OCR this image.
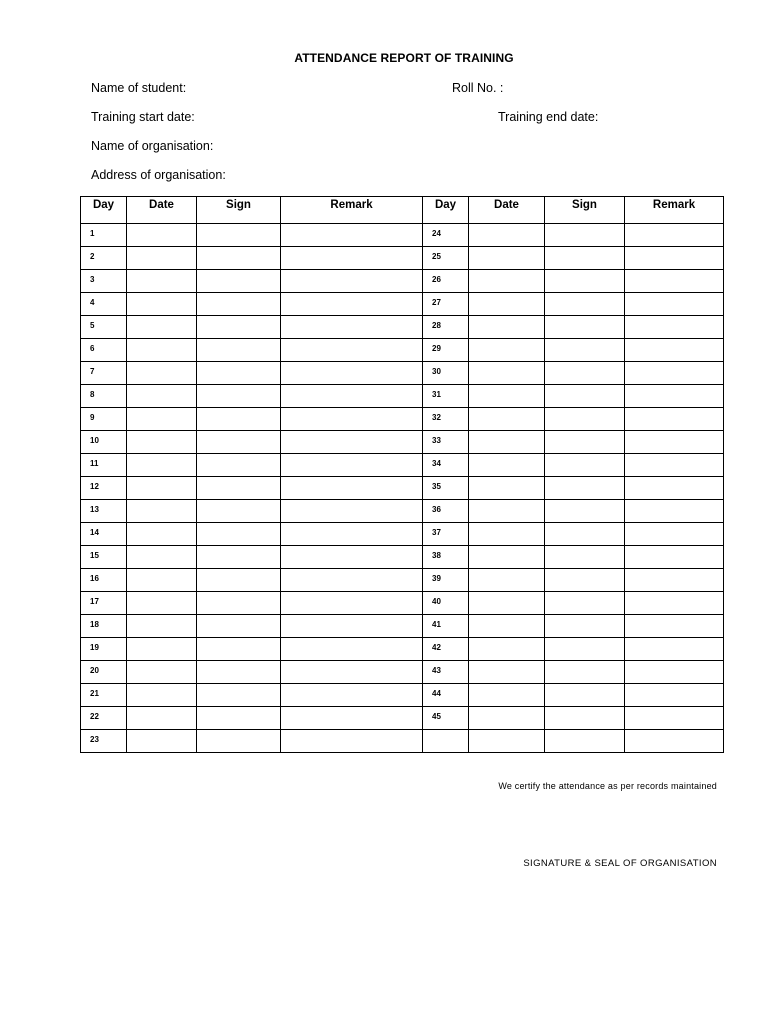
ATTENDANCE REPORT OF TRAINING
Name of student:	Roll No. :
Training start date:	Training end date:
Name of organisation:
Address of organisation:
Day	Date	Sign	Remark	Day	Date	Sign	Remark
1				24			
2				25			
3				26			
4				27			
5				28			
6				29			
7				30			
8				31			
9				32			
10				33			
11				34			
12				35			
13				36			
14				37			
15				38			
16				39			
17				40			
18				41			
19				42			
20				43			
21				44			
22				45			
23							
We certify the attendance as per records maintained
SIGNATURE & SEAL OF ORGANISATION
